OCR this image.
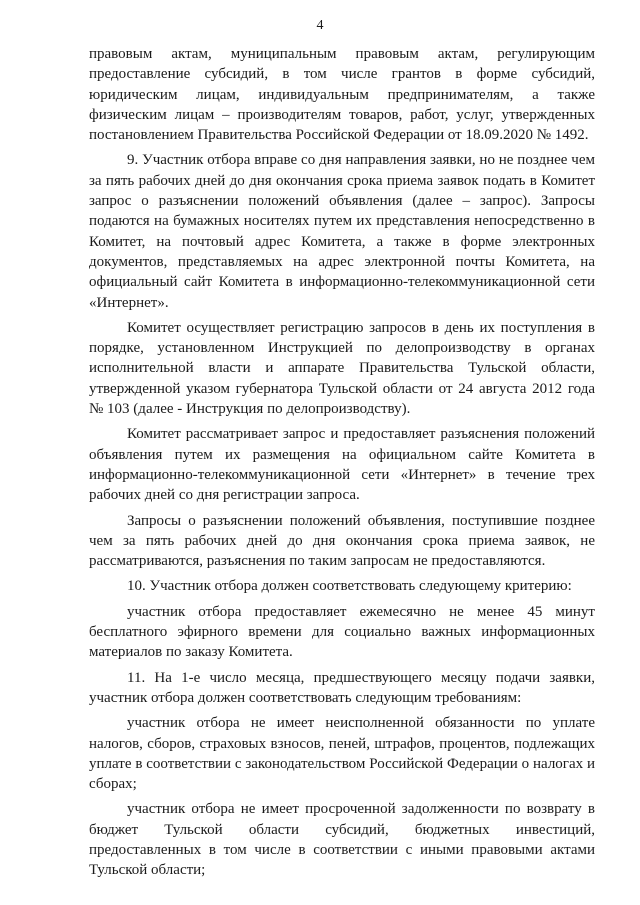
4

правовым актам, муниципальным правовым актам, регулирующим предоставление субсидий, в том числе грантов в форме субсидий, юридическим лицам, индивидуальным предпринимателям, а также физическим лицам – производителям товаров, работ, услуг, утвержденных постановлением Правительства Российской Федерации от 18.09.2020 № 1492.

9. Участник отбора вправе со дня направления заявки, но не позднее чем за пять рабочих дней до дня окончания срока приема заявок подать в Комитет запрос о разъяснении положений объявления (далее – запрос). Запросы подаются на бумажных носителях путем их представления непосредственно в Комитет, на почтовый адрес Комитета, а также в форме электронных документов, представляемых на адрес электронной почты Комитета, на официальный сайт Комитета в информационно-телекоммуникационной сети «Интернет».

Комитет осуществляет регистрацию запросов в день их поступления в порядке, установленном Инструкцией по делопроизводству в органах исполнительной власти и аппарате Правительства Тульской области, утвержденной указом губернатора Тульской области от 24 августа 2012 года № 103 (далее - Инструкция по делопроизводству).

Комитет рассматривает запрос и предоставляет разъяснения положений объявления путем их размещения на официальном сайте Комитета в информационно-телекоммуникационной сети «Интернет» в течение трех рабочих дней со дня регистрации запроса.

Запросы о разъяснении положений объявления, поступившие позднее чем за пять рабочих дней до дня окончания срока приема заявок, не рассматриваются, разъяснения по таким запросам не предоставляются.

10. Участник отбора должен соответствовать следующему критерию:

участник отбора предоставляет ежемесячно не менее 45 минут бесплатного эфирного времени для социально важных информационных материалов по заказу Комитета.

11. На 1-е число месяца, предшествующего месяцу подачи заявки, участник отбора должен соответствовать следующим требованиям:

участник отбора не имеет неисполненной обязанности по уплате налогов, сборов, страховых взносов, пеней, штрафов, процентов, подлежащих уплате в соответствии с законодательством Российской Федерации о налогах и сборах;

участник отбора не имеет просроченной задолженности по возврату в бюджет Тульской области субсидий, бюджетных инвестиций, предоставленных в том числе в соответствии с иными правовыми актами Тульской области;
